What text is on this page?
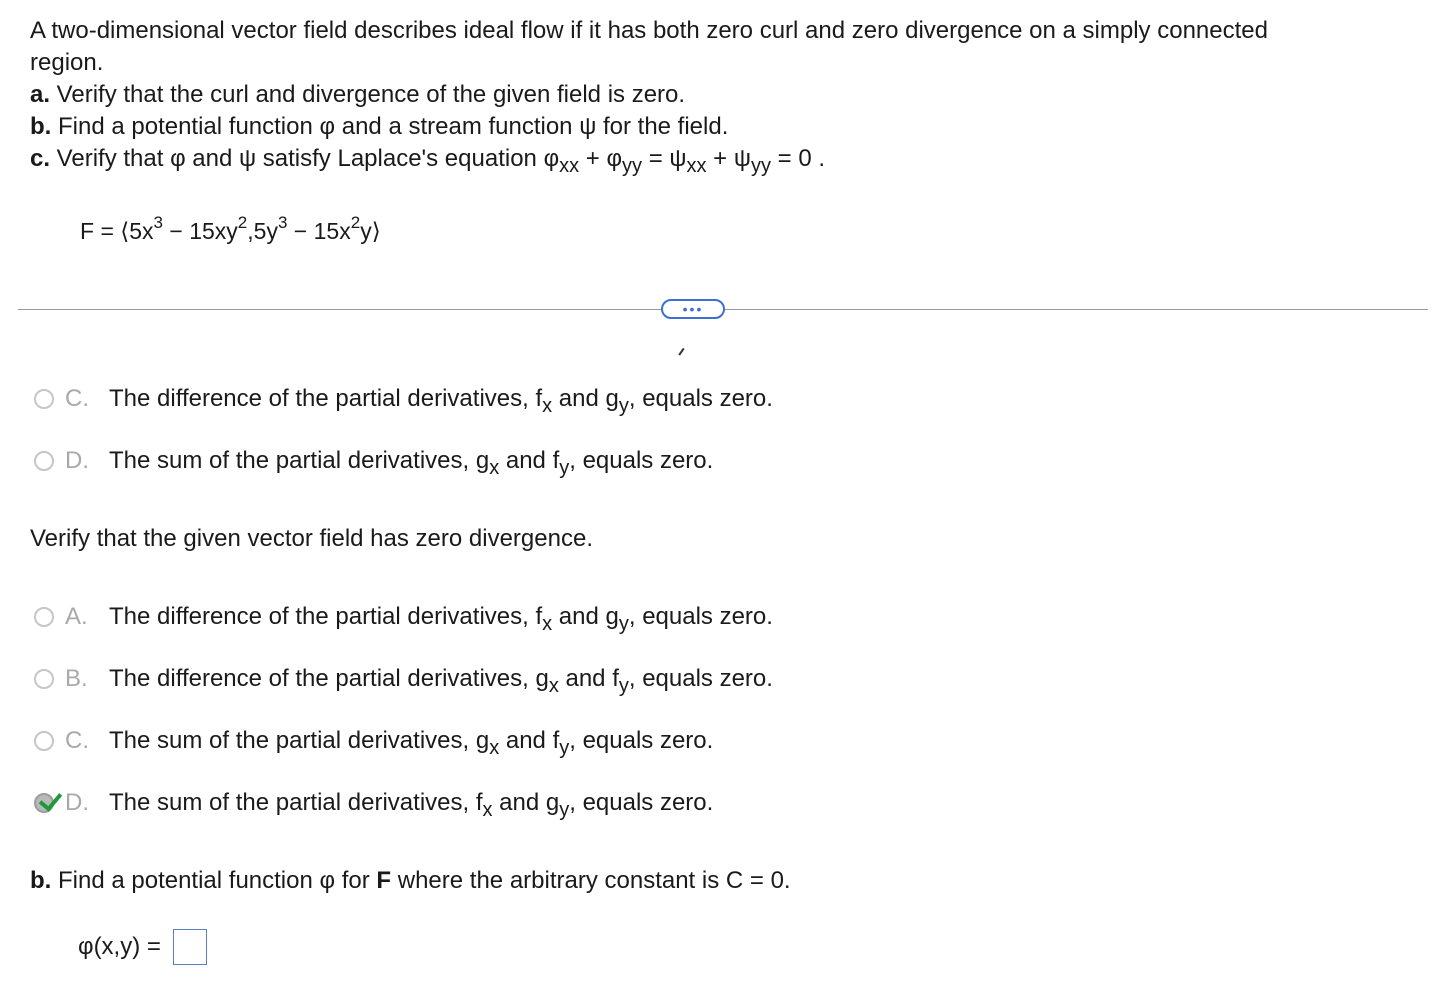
A two-dimensional vector field describes ideal flow if it has both zero curl and zero divergence on a simply connected
region.
a. Verify that the curl and divergence of the given field is zero.
b. Find a potential function φ and a stream function ψ for the field.
c. Verify that φ and ψ satisfy Laplace's equation $\varphi_{xx} + \varphi_{yy} = \psi_{xx} + \psi_{yy} = 0$ .
$F = ⟨5x^3 - 15xy^2,5y^3$ − $15x^2y⟩$
•••
C. The difference of the partial derivatives, $f_x$ and $g_y$, equals zero.
D. The sum of the partial derivatives, $g_x$ and $f_y$, equals zero.
Verify that the given vector field has zero divergence.
A. The difference of the partial derivatives, $f_x$ and $g_y$, equals zero.
B. The difference of the partial derivatives, $g_x$ and $f_y$, equals zero.
C. The sum of the partial derivatives, $g_x$ and $f_y$, equals zero.
D. The sum of the partial derivatives, $f_x$ and $g_y$, equals zero.
b. Find a potential function φ for F where the arbitrary constant is C = 0.
φ(x,y) =
